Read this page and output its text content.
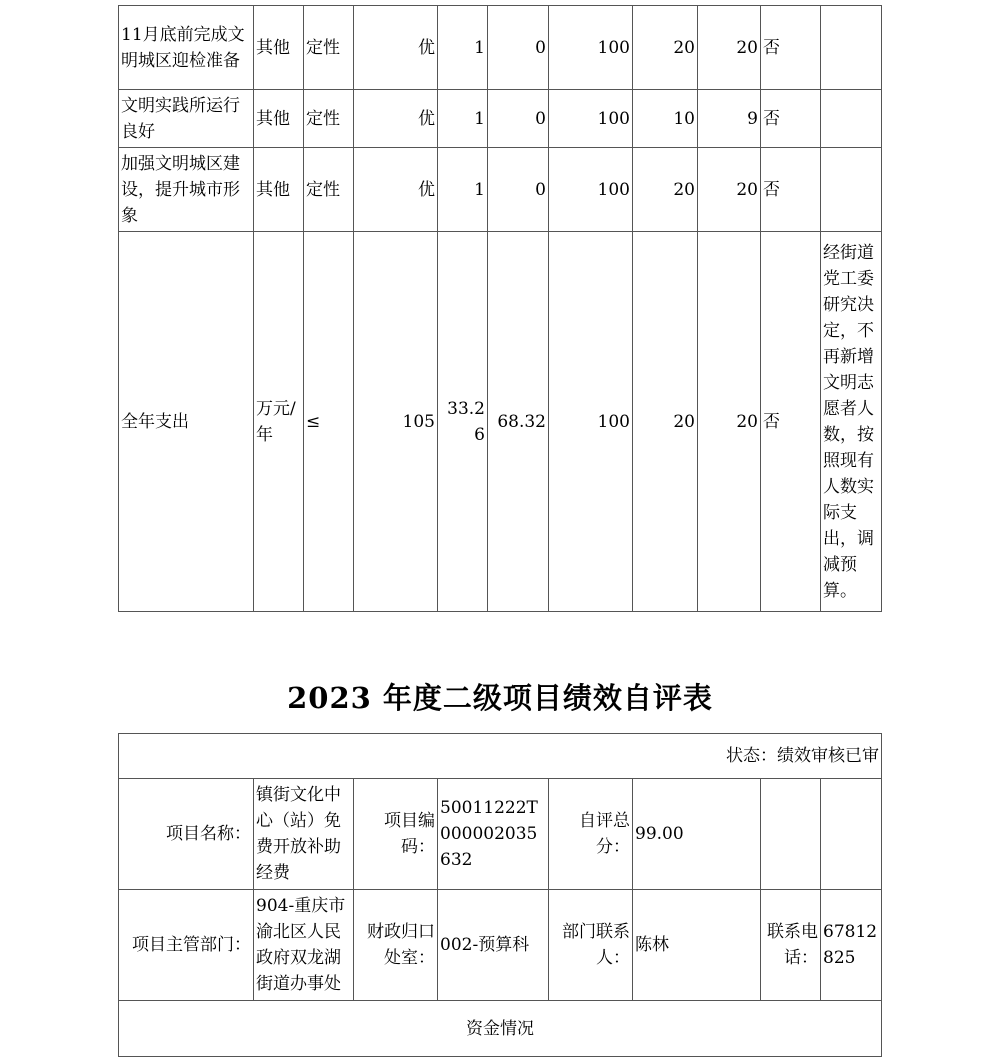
11月底前完成文明城区迎检准备	其他	定性	优	1	0	100	20	20	否	
文明实践所运行良好	其他	定性	优	1	0	100	10	9	否	
加强文明城区建设，提升城市形象	其他	定性	优	1	0	100	20	20	否	
全年支出	万元/年	≤	105	33.26	68.32	100	20	20	否	经街道党工委研究决定，不再新增文明志愿者人数，按照现有人数实际支出，调减预算。
2023 年度二级项目绩效自评表
状态：绩效审核已审							
项目名称：	镇街文化中心（站）免费开放补助经费	项目编码：	50011222T000002035632	自评总分：	99.00		
项目主管部门：	904-重庆市渝北区人民政府双龙湖街道办事处	财政归口处室：	002-预算科	部门联系人：	陈林	联系电话：	67812825
资金情况							
